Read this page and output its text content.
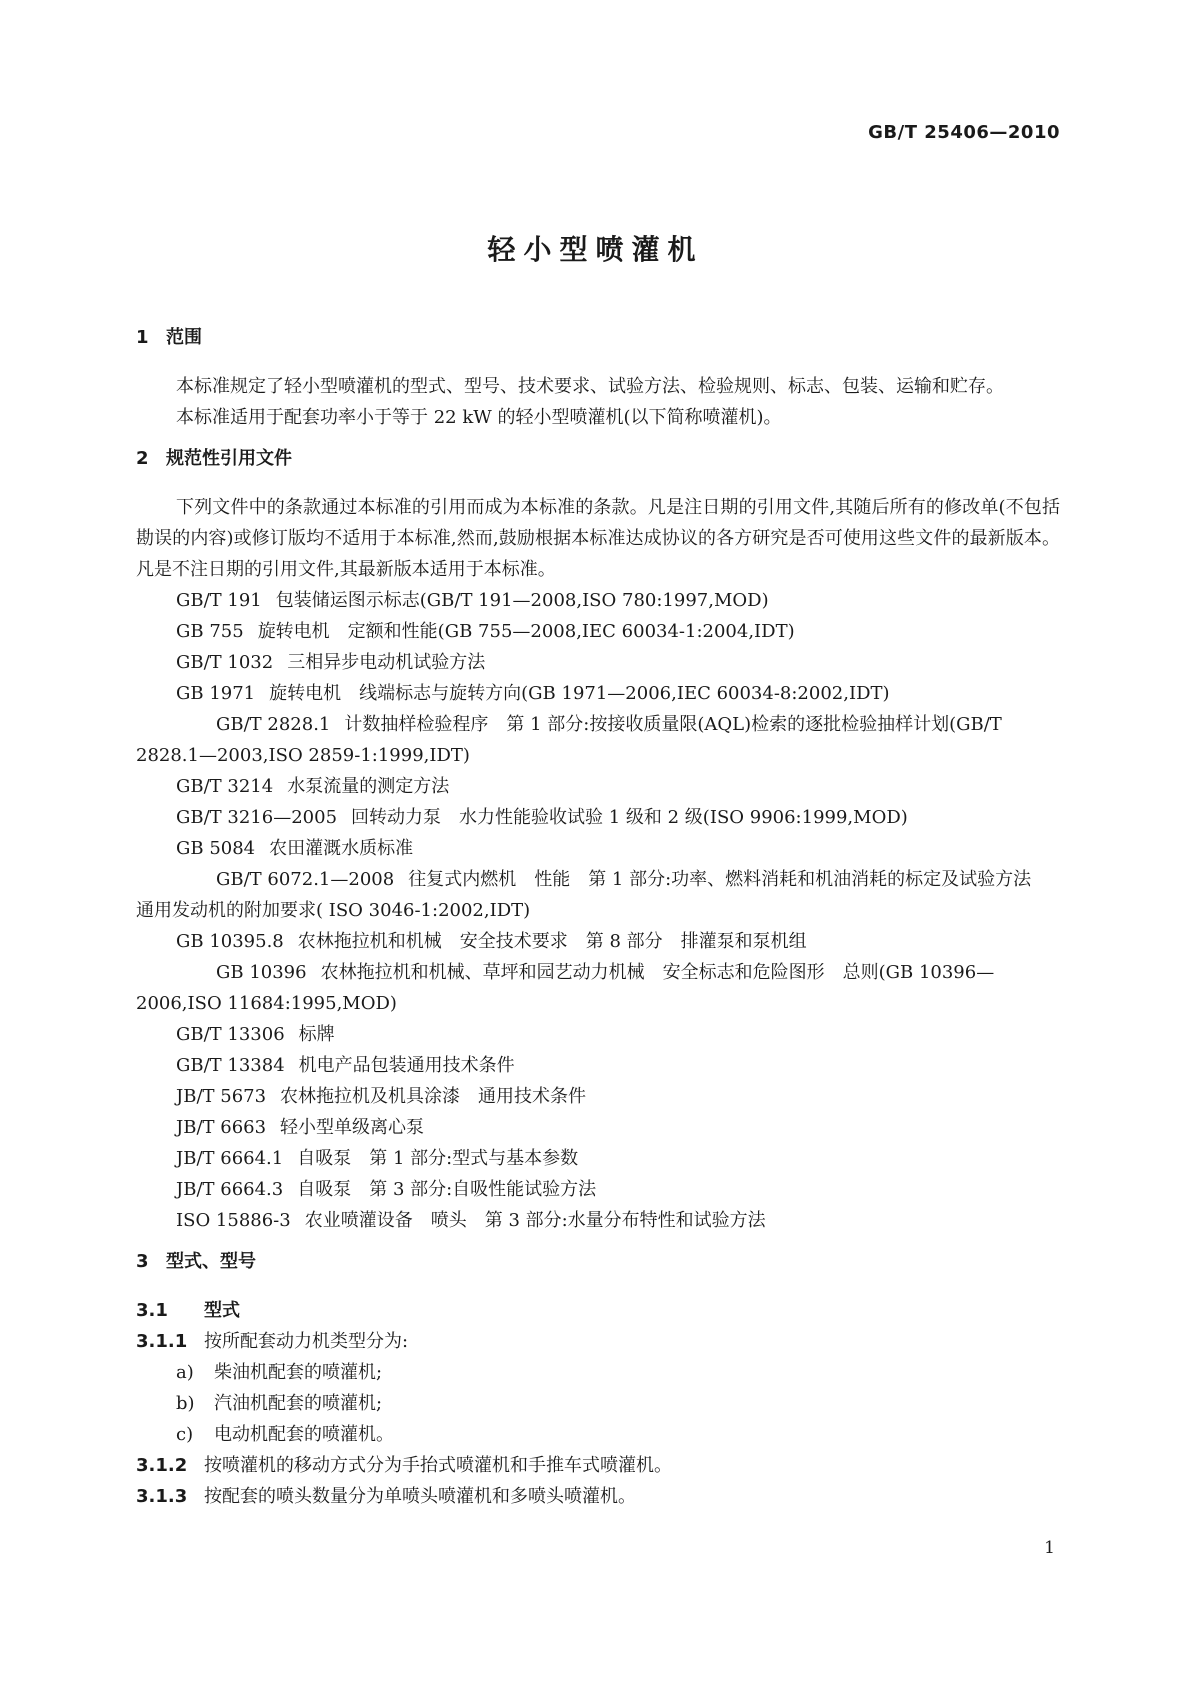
GB/T 25406—2010
轻小型喷灌机
1 范围
本标准规定了轻小型喷灌机的型式、型号、技术要求、试验方法、检验规则、标志、包装、运输和贮存。
本标准适用于配套功率小于等于 22 kW 的轻小型喷灌机(以下简称喷灌机)。
2 规范性引用文件
下列文件中的条款通过本标准的引用而成为本标准的条款。凡是注日期的引用文件,其随后所有的修改单(不包括勘误的内容)或修订版均不适用于本标准,然而,鼓励根据本标准达成协议的各方研究是否可使用这些文件的最新版本。凡是不注日期的引用文件,其最新版本适用于本标准。
GB/T 191 包装储运图示标志(GB/T 191—2008,ISO 780:1997,MOD)
GB 755 旋转电机　定额和性能(GB 755—2008,IEC 60034-1:2004,IDT)
GB/T 1032 三相异步电动机试验方法
GB 1971 旋转电机　线端标志与旋转方向(GB 1971—2006,IEC 60034-8:2002,IDT)
GB/T 2828.1 计数抽样检验程序　第 1 部分:按接收质量限(AQL)检索的逐批检验抽样计划(GB/T 2828.1—2003,ISO 2859-1:1999,IDT)
GB/T 3214 水泵流量的测定方法
GB/T 3216—2005 回转动力泵　水力性能验收试验 1 级和 2 级(ISO 9906:1999,MOD)
GB 5084 农田灌溉水质标准
GB/T 6072.1—2008 往复式内燃机　性能　第 1 部分:功率、燃料消耗和机油消耗的标定及试验方法　通用发动机的附加要求( ISO 3046-1:2002,IDT)
GB 10395.8 农林拖拉机和机械　安全技术要求　第 8 部分　排灌泵和泵机组
GB 10396 农林拖拉机和机械、草坪和园艺动力机械　安全标志和危险图形　总则(GB 10396—2006,ISO 11684:1995,MOD)
GB/T 13306 标牌
GB/T 13384 机电产品包装通用技术条件
JB/T 5673 农林拖拉机及机具涂漆　通用技术条件
JB/T 6663 轻小型单级离心泵
JB/T 6664.1 自吸泵　第 1 部分:型式与基本参数
JB/T 6664.3 自吸泵　第 3 部分:自吸性能试验方法
ISO 15886-3 农业喷灌设备　喷头　第 3 部分:水量分布特性和试验方法
3 型式、型号
3.1 型式
3.1.1 按所配套动力机类型分为:
a) 柴油机配套的喷灌机;
b) 汽油机配套的喷灌机;
c) 电动机配套的喷灌机。
3.1.2 按喷灌机的移动方式分为手抬式喷灌机和手推车式喷灌机。
3.1.3 按配套的喷头数量分为单喷头喷灌机和多喷头喷灌机。
1
